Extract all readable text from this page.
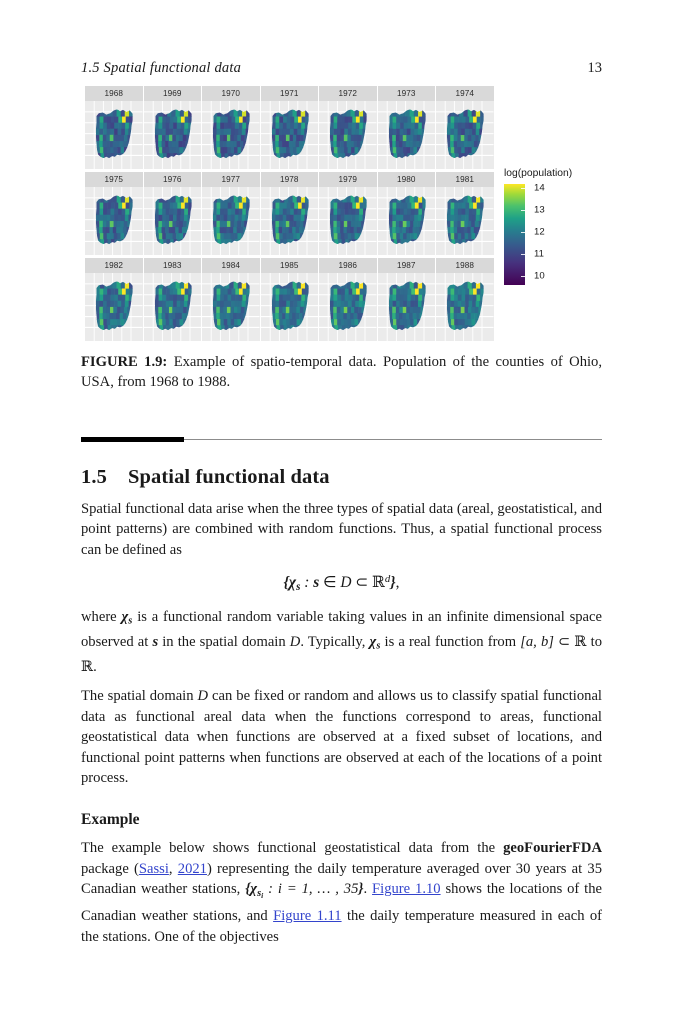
1.5 Spatial functional data	13
1968	1969	1970	1971	1972	1973	1974
1975	1976	1977	1978	1979	1980	1981
1982	1983	1984	1985	1986	1987	1988
log(population)
14
13
12
11
10
FIGURE 1.9: Example of spatio-temporal data. Population of the counties of Ohio, USA, from 1968 to 1988.
1.5 Spatial functional data

Spatial functional data arise when the three types of spatial data (areal, geostatistical, and point patterns) are combined with random functions. Thus, a spatial functional process can be defined as

{χs : s ∈ D ⊂ ℝ$^d$},

where χs is a functional random variable taking values in an infinite dimensional space observed at s in the spatial domain D. Typically, χs is a real function from [a, b] ⊂ ℝ to ℝ.

The spatial domain D can be fixed or random and allows us to classify spatial functional data as functional areal data when the functions correspond to areas, functional geostatistical data when functions are observed at a fixed subset of locations, and functional point patterns when functions are observed at each of the locations of a point process.

Example

The example below shows functional geostatistical data from the geoFourierFDA package (Sassi, 2021) representing the daily temperature averaged over 30 years at 35 Canadian weather stations, {χsi : i = 1, … , 35}. Figure 1.10 shows the locations of the Canadian weather stations, and Figure 1.11 the daily temperature measured in each of the stations. One of the objectives
